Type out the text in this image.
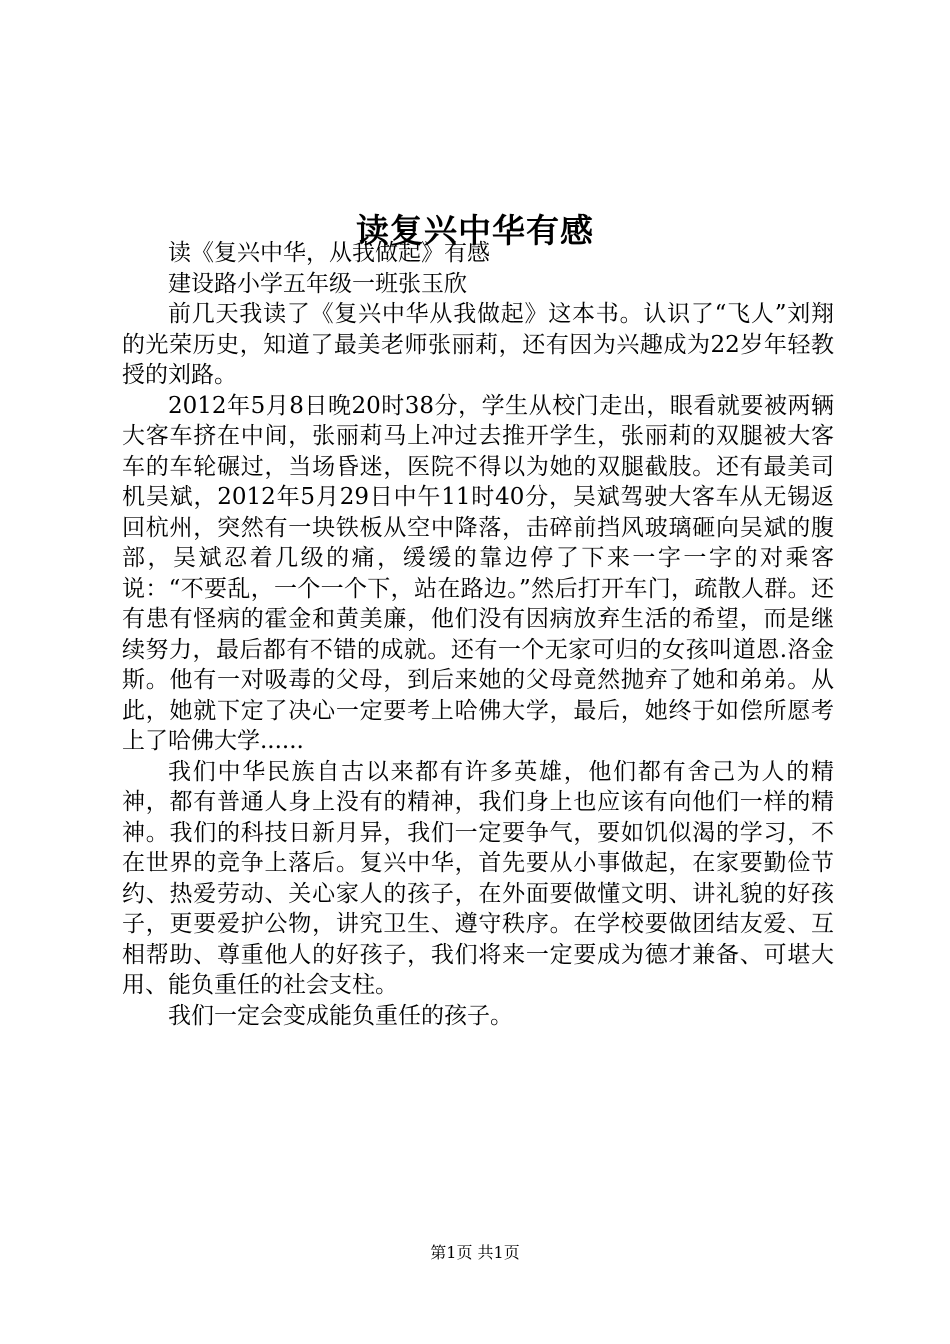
读复兴中华有感

读《复兴中华，从我做起》有感

建设路小学五年级一班张玉欣

前几天我读了《复兴中华从我做起》这本书。认识了“飞人”刘翔的光荣历史，知道了最美老师张丽莉，还有因为兴趣成为22岁年轻教授的刘路。

2012年5月8日晚20时38分，学生从校门走出，眼看就要被两辆大客车挤在中间，张丽莉马上冲过去推开学生，张丽莉的双腿被大客车的车轮碾过，当场昏迷，医院不得以为她的双腿截肢。还有最美司机吴斌，2012年5月29日中午11时40分，吴斌驾驶大客车从无锡返回杭州，突然有一块铁板从空中降落，击碎前挡风玻璃砸向吴斌的腹部，吴斌忍着几级的痛，缓缓的靠边停了下来一字一字的对乘客说：“不要乱，一个一个下，站在路边。”然后打开车门，疏散人群。还有患有怪病的霍金和黄美廉，他们没有因病放弃生活的希望，而是继续努力，最后都有不错的成就。还有一个无家可归的女孩叫道恩.洛金斯。他有一对吸毒的父母，到后来她的父母竟然抛弃了她和弟弟。从此，她就下定了决心一定要考上哈佛大学，最后，她终于如偿所愿考上了哈佛大学......

我们中华民族自古以来都有许多英雄，他们都有舍己为人的精神，都有普通人身上没有的精神，我们身上也应该有向他们一样的精神。我们的科技日新月异，我们一定要争气，要如饥似渴的学习，不在世界的竞争上落后。复兴中华，首先要从小事做起，在家要勤俭节约、热爱劳动、关心家人的孩子，在外面要做懂文明、讲礼貌的好孩子，更要爱护公物，讲究卫生、遵守秩序。在学校要做团结友爱、互相帮助、尊重他人的好孩子，我们将来一定要成为德才兼备、可堪大用、能负重任的社会支柱。

我们一定会变成能负重任的孩子。

第1页 共1页
